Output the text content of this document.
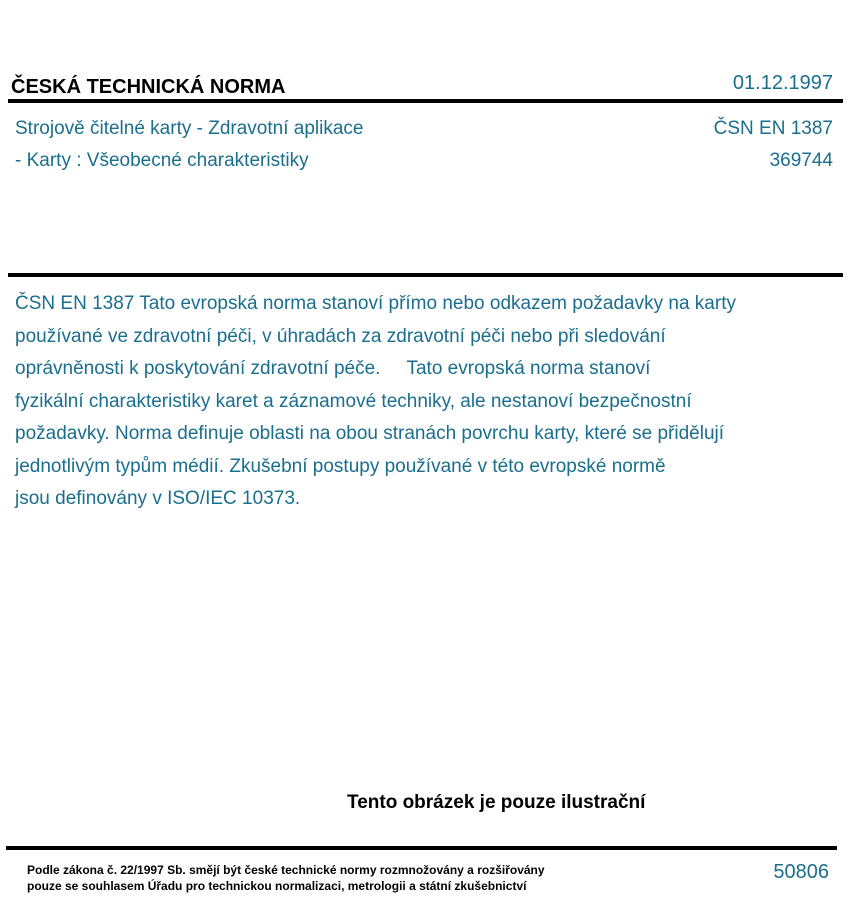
ČESKÁ TECHNICKÁ NORMA	01.12.1997
Strojově čitelné karty - Zdravotní aplikace
- Karty : Všeobecné charakteristiky
ČSN EN 1387
369744
ČSN EN 1387 Tato evropská norma stanoví přímo nebo odkazem požadavky na karty
používané ve zdravotní péči, v úhradách za zdravotní péči nebo při sledování
oprávněnosti k poskytování zdravotní péče.     Tato evropská norma stanoví
fyzikální charakteristiky karet a záznamové techniky, ale nestanoví bezpečnostní
požadavky. Norma definuje oblasti na obou stranách povrchu karty, které se přidělují
jednotlivým typům médií. Zkušební postupy používané v této evropské normě
jsou definovány v ISO/IEC 10373.
Tento obrázek je pouze ilustrační
Podle zákona č. 22/1997 Sb. smějí být české technické normy rozmnožovány a rozšiřovány
pouze se souhlasem Úřadu pro technickou normalizaci, metrologii a státní zkušebnictví
50806
